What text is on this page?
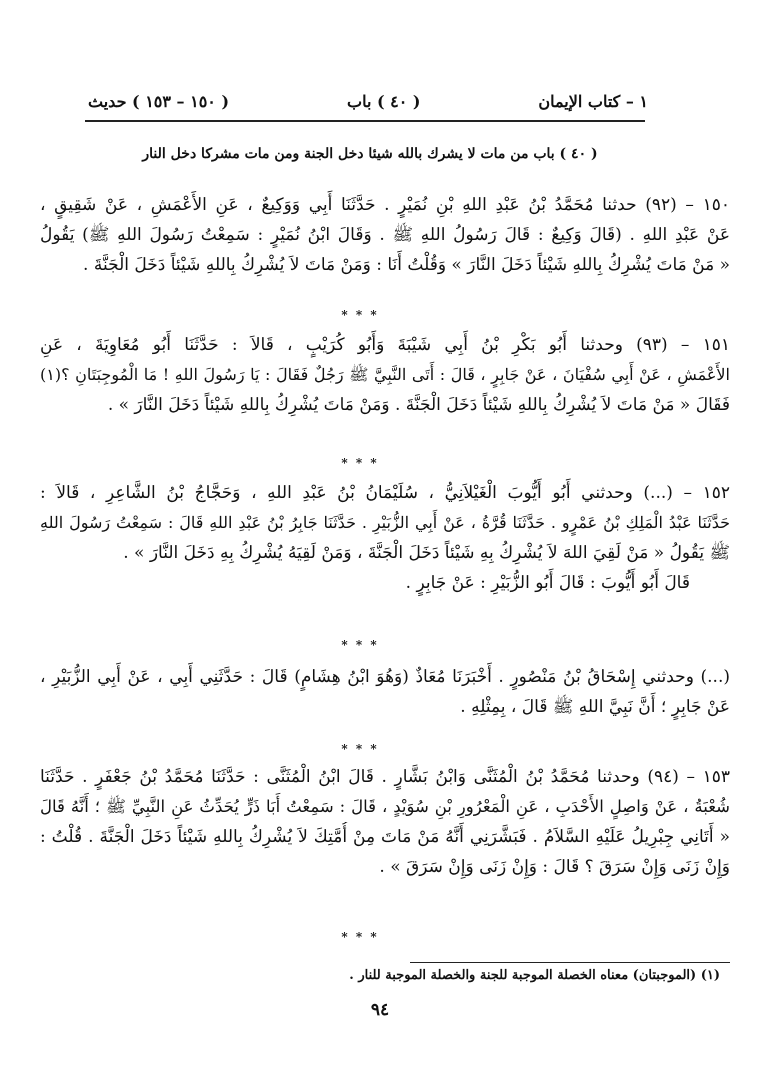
١ – كتاب الإيمان
( ٤٠ ) باب
( ١٥٠ – ١٥٣ ) حديث
( ٤٠ ) باب من مات لا يشرك بالله شيئا دخل الجنة ومن مات مشركا دخل النار
١٥٠ – (٩٢) حدثنا مُحَمَّدُ بْنُ عَبْدِ اللهِ بْنِ نُمَيْرٍ . حَدَّثَنَا أَبِي وَوَكِيعٌ ، عَنِ الأَعْمَشِ ، عَنْ شَقِيقٍ ،
عَنْ عَبْدِ اللهِ . (قَالَ وَكِيعٌ : قَالَ رَسُولُ اللهِ ﷺ . وَقَالَ ابْنُ نُمَيْرٍ : سَمِعْتُ رَسُولَ اللهِ ﷺ) يَقُولُ
« مَنْ مَاتَ يُشْرِكُ بِاللهِ شَيْئاً دَخَلَ النَّارَ » وَقُلْتُ أَنَا : وَمَنْ مَاتَ لاَ يُشْرِكُ بِاللهِ شَيْئاً دَخَلَ الْجَنَّةَ .
* * *
١٥١ – (٩٣) وحدثنا أَبُو بَكْرِ بْنُ أَبِي شَيْبَةَ وَأَبُو كُرَيْبٍ ، قَالاَ : حَدَّثَنَا أَبُو مُعَاوِيَةَ ، عَنِ
الأَعْمَشِ ، عَنْ أَبِي سُفْيَانَ ، عَنْ جَابِرٍ ، قَالَ : أَتَى النَّبِيَّ ﷺ رَجُلٌ فَقَالَ : يَا رَسُولَ اللهِ ! مَا الْمُوجِبَتَانِ ؟(١)
فَقَالَ « مَنْ مَاتَ لاَ يُشْرِكُ بِاللهِ شَيْئاً دَخَلَ الْجَنَّةَ . وَمَنْ مَاتَ يُشْرِكُ بِاللهِ شَيْئاً دَخَلَ النَّارَ » .
* * *
١٥٢ – (...) وحدثني أَبُو أَيُّوبَ الْغَيْلاَنِيُّ ، سُلَيْمَانُ بْنُ عَبْدِ اللهِ ، وَحَجَّاجُ بْنُ الشَّاعِرِ ، قَالاَ :
حَدَّثَنَا عَبْدُ الْمَلِكِ بْنُ عَمْرٍو . حَدَّثَنَا قُرَّةُ ، عَنْ أَبِي الزُّبَيْرِ . حَدَّثَنَا جَابِرُ بْنُ عَبْدِ اللهِ قَالَ : سَمِعْتُ رَسُولَ اللهِ
ﷺ يَقُولُ « مَنْ لَقِيَ اللهَ لاَ يُشْرِكُ بِهِ شَيْئاً دَخَلَ الْجَنَّةَ ، وَمَنْ لَقِيَهُ يُشْرِكُ بِهِ دَخَلَ النَّارَ » .
قَالَ أَبُو أَيُّوبَ : قَالَ أَبُو الزُّبَيْرِ : عَنْ جَابِرٍ .
* * *
(...) وحدثني إِسْحَاقُ بْنُ مَنْصُورٍ . أَخْبَرَنَا مُعَاذٌ (وَهُوَ ابْنُ هِشَامٍ) قَالَ : حَدَّثَنِي أَبِي ، عَنْ أَبِي الزُّبَيْرِ ،
عَنْ جَابِرٍ ؛ أَنَّ نَبِيَّ اللهِ ﷺ قَالَ ، بِمِثْلِهِ .
* * *
١٥٣ – (٩٤) وحدثنا مُحَمَّدُ بْنُ الْمُثَنَّى وَابْنُ بَشَّارٍ . قَالَ ابْنُ الْمُثَنَّى : حَدَّثَنَا مُحَمَّدُ بْنُ جَعْفَرٍ . حَدَّثَنَا
شُعْبَةُ ، عَنْ وَاصِلٍ الأَحْدَبِ ، عَنِ الْمَعْرُورِ بْنِ سُوَيْدٍ ، قَالَ : سَمِعْتُ أَبَا ذَرٍّ يُحَدِّثُ عَنِ النَّبِيِّ ﷺ ؛ أَنَّهُ قَالَ
« أَتَانِي جِبْرِيلُ عَلَيْهِ السَّلاَمُ . فَبَشَّرَنِي أَنَّهُ مَنْ مَاتَ مِنْ أُمَّتِكَ لاَ يُشْرِكُ بِاللهِ شَيْئاً دَخَلَ الْجَنَّةَ . قُلْتُ :
وَإِنْ زَنَى وَإِنْ سَرَقَ ؟ قَالَ : وَإِنْ زَنَى وَإِنْ سَرَقَ » .
* * *
(١) (الموجبتان) معناه الخصلة الموجبة للجنة والخصلة الموجبة للنار .
٩٤
